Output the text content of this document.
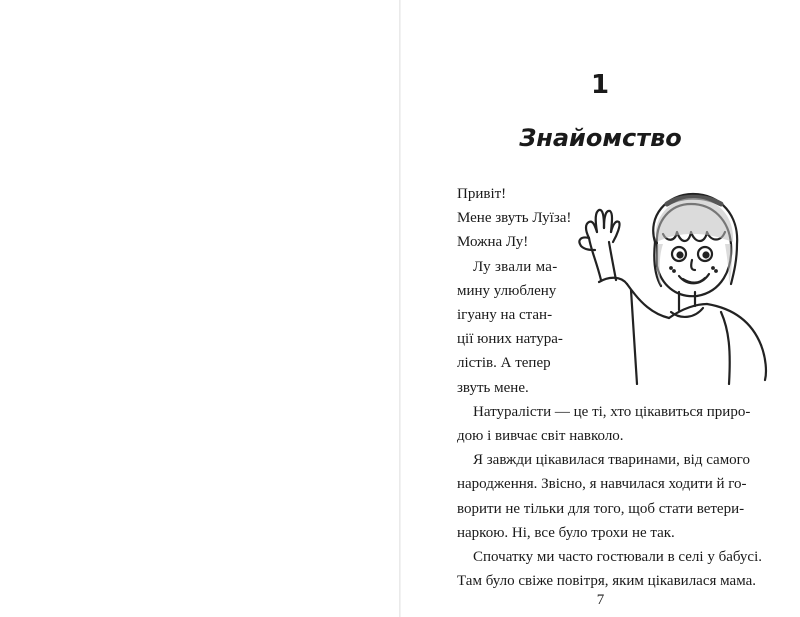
1
Знайомство
Привіт!
Мене звуть Луїза!
Можна Лу!
Лу звали ма-
мину улюблену
ігуану на стан-
ції юних натура-
лістів. А тепер
звуть мене.
Натуралісти — це ті, хто цікавиться приро-
дою і вивчає світ навколо.
Я завжди цікавилася тваринами, від самого
народження. Звісно, я навчилася ходити й го-
ворити не тільки для того, щоб стати ветери-
наркою. Ні, все було трохи не так.
Спочатку ми часто гостювали в селі у бабусі.
Там було свіже повітря, яким цікавилася мама.
7
